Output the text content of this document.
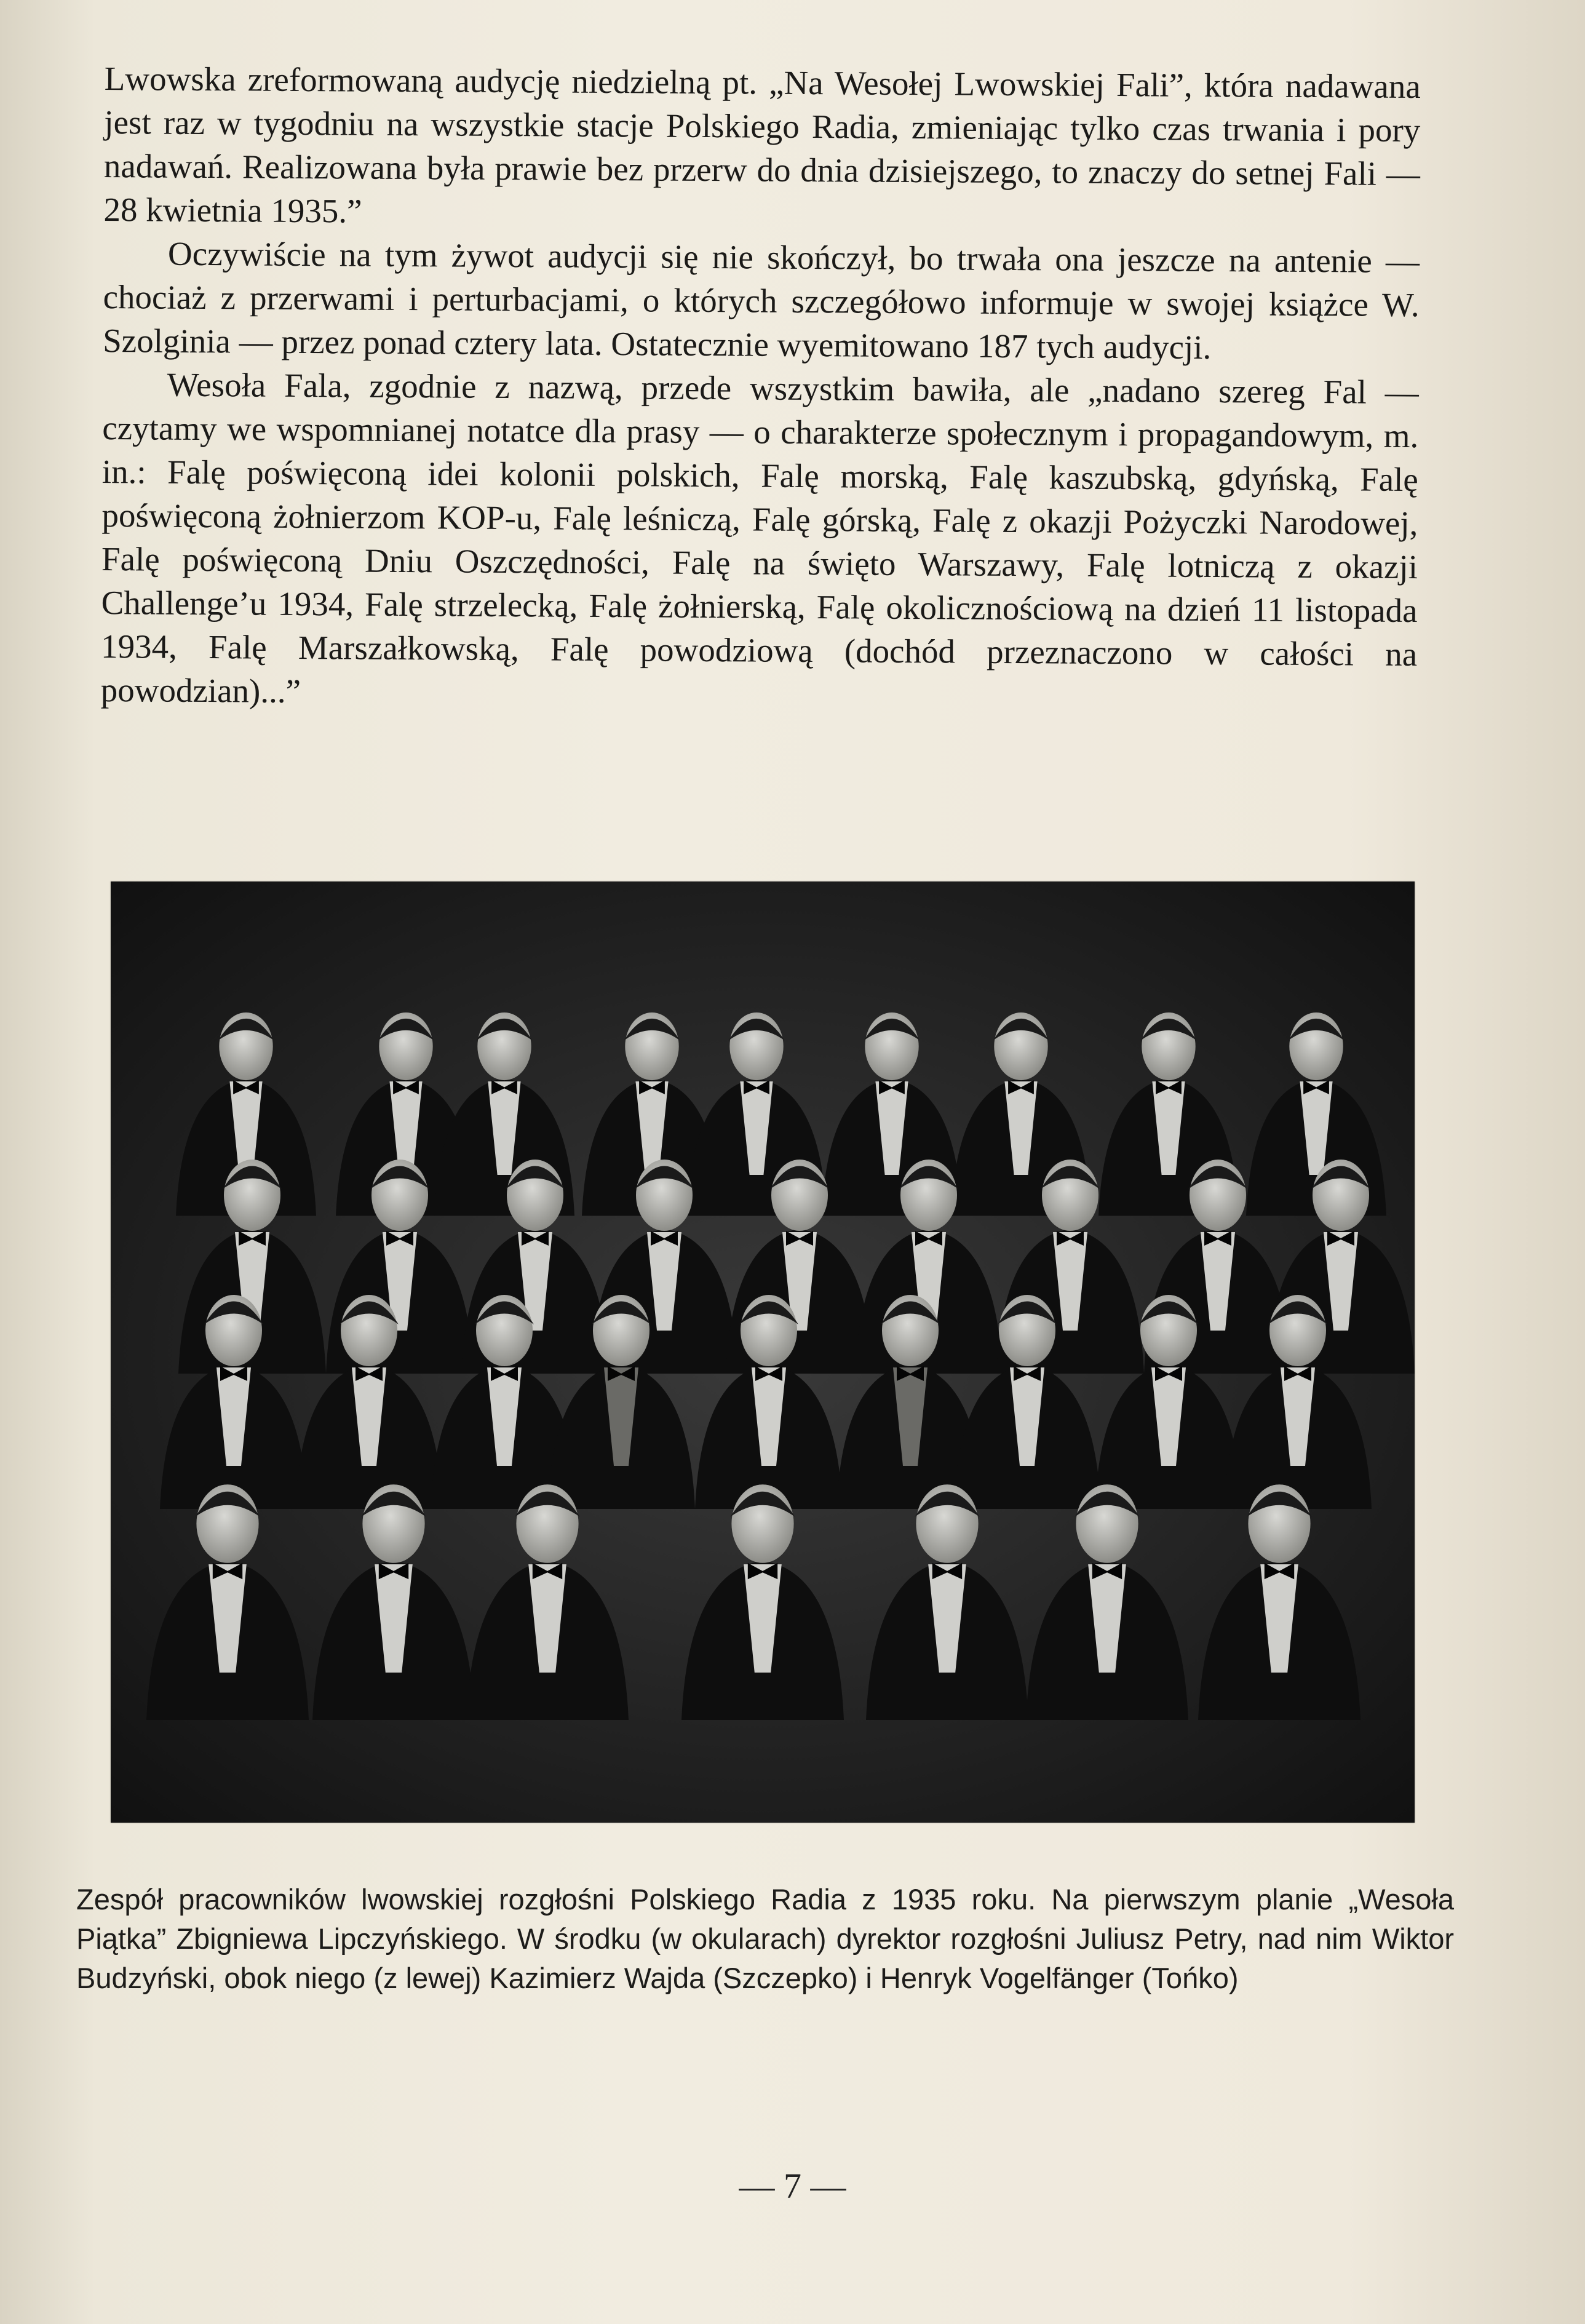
Lwowska zreformowaną audycję niedzielną pt. „Na Wesołej Lwowskiej Fali”, która nadawana jest raz w tygodniu na wszystkie stacje Polskiego Radia, zmieniając tylko czas trwania i pory nadawań. Realizowana była prawie bez przerw do dnia dzisiejszego, to znaczy do setnej Fali — 28 kwietnia 1935.”

Oczywiście na tym żywot audycji się nie skończył, bo trwała ona jeszcze na antenie — chociaż z przerwami i perturbacjami, o których szczegółowo informuje w swojej książce W. Szolginia — przez ponad cztery lata. Ostatecznie wyemitowano 187 tych audycji.

Wesoła Fala, zgodnie z nazwą, przede wszystkim bawiła, ale „nadano szereg Fal — czytamy we wspomnianej notatce dla prasy — o charakterze społecznym i propagandowym, m. in.: Falę poświęconą idei kolonii polskich, Falę morską, Falę kaszubską, gdyńską, Falę poświęconą żołnierzom KOP-u, Falę leśniczą, Falę górską, Falę z okazji Pożyczki Narodowej, Falę poświęconą Dniu Oszczędności, Falę na święto Warszawy, Falę lotniczą z okazji Challenge’u 1934, Falę strzelecką, Falę żołnierską, Falę okolicznościową na dzień 11 listopada 1934, Falę Marszałkowską, Falę powodziową (dochód przeznaczono w całości na powodzian)...”

Zespół pracowników lwowskiej rozgłośni Polskiego Radia z 1935 roku. Na pierwszym planie „Wesoła Piątka” Zbigniewa Lipczyńskiego. W środku (w okularach) dyrektor rozgłośni Juliusz Petry, nad nim Wiktor Budzyński, obok niego (z lewej) Kazimierz Wajda (Szczepko) i Henryk Vogelfänger (Tońko)

— 7 —
